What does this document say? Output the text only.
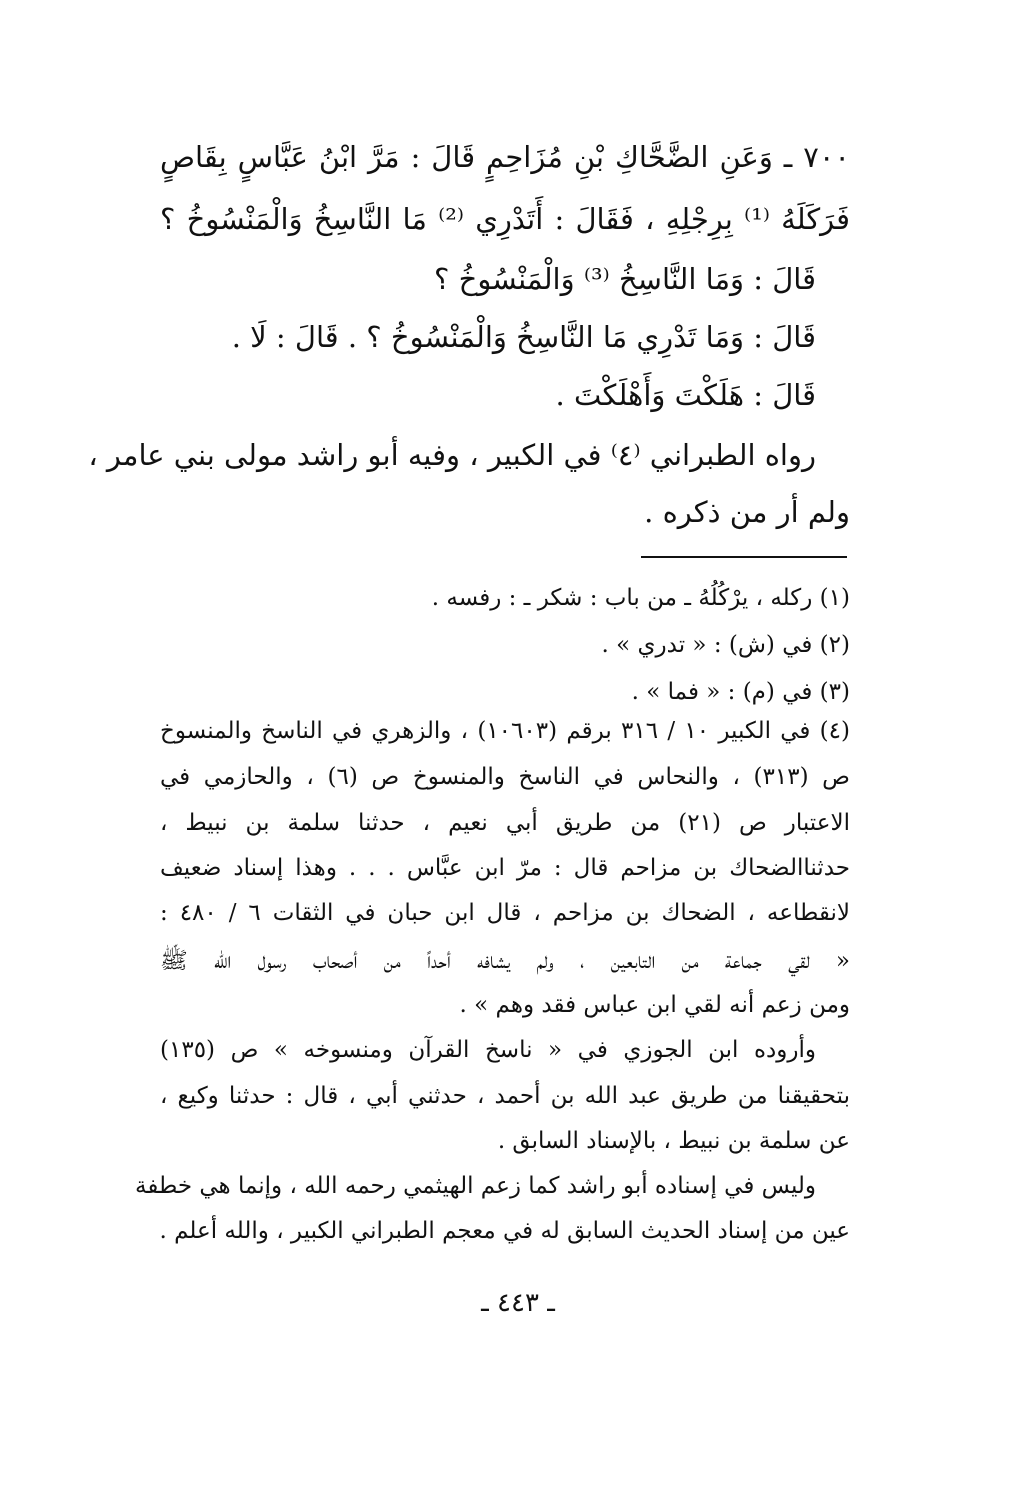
٧٠٠ ـ وَعَنِ الضَّحَّاكِ بْنِ مُزَاحِمٍ قَالَ : مَرَّ ابْنُ عَبَّاسٍ بِقَاصٍ
فَرَكَلَهُ ⁽¹⁾ بِرِجْلِهِ ، فَقَالَ : أَتَدْرِي ⁽²⁾ مَا النَّاسِخُ وَالْمَنْسُوخُ ؟
قَالَ : وَمَا النَّاسِخُ ⁽³⁾ وَالْمَنْسُوخُ ؟
قَالَ : وَمَا تَدْرِي مَا النَّاسِخُ وَالْمَنْسُوخُ ؟ . قَالَ : لَا .
قَالَ : هَلَكْتَ وَأَهْلَكْتَ .
رواه الطبراني ⁽٤⁾ في الكبير ، وفيه أبو راشد مولى بني عامر ،
ولم أر من ذكره .
(١) ركله ، يرْكُلُهُ ـ من باب : شكر ـ : رفسه .
(٢) في (ش) : « تدري » .
(٣) في (م) : « فما » .
(٤) في الكبير ١٠ / ٣١٦ برقم (١٠٦٠٣) ، والزهري في الناسخ والمنسوخ
ص (٣١٣) ، والنحاس في الناسخ والمنسوخ ص (٦) ، والحازمي في
الاعتبار ص (٢١) من طريق أبي نعيم ، حدثنا سلمة بن نبيط ،
حدثناالضحاك بن مزاحم قال : مرّ ابن عبَّاس . . . وهذا إسناد ضعيف
لانقطاعه ، الضحاك بن مزاحم ، قال ابن حبان في الثقات ٦ / ٤٨٠ :
« لقي جماعة من التابعين ، ولم يشافه أحداً من أصحاب رسول الله ﷺ
ومن زعم أنه لقي ابن عباس فقد وهم » .
وأروده ابن الجوزي في « ناسخ القرآن ومنسوخه » ص (١٣٥)
بتحقيقنا من طريق عبد الله بن أحمد ، حدثني أبي ، قال : حدثنا وكيع ،
عن سلمة بن نبيط ، بالإسناد السابق .
وليس في إسناده أبو راشد كما زعم الهيثمي رحمه الله ، وإنما هي خطفة
عين من إسناد الحديث السابق له في معجم الطبراني الكبير ، والله أعلم .
ـ ٤٤٣ ـ
